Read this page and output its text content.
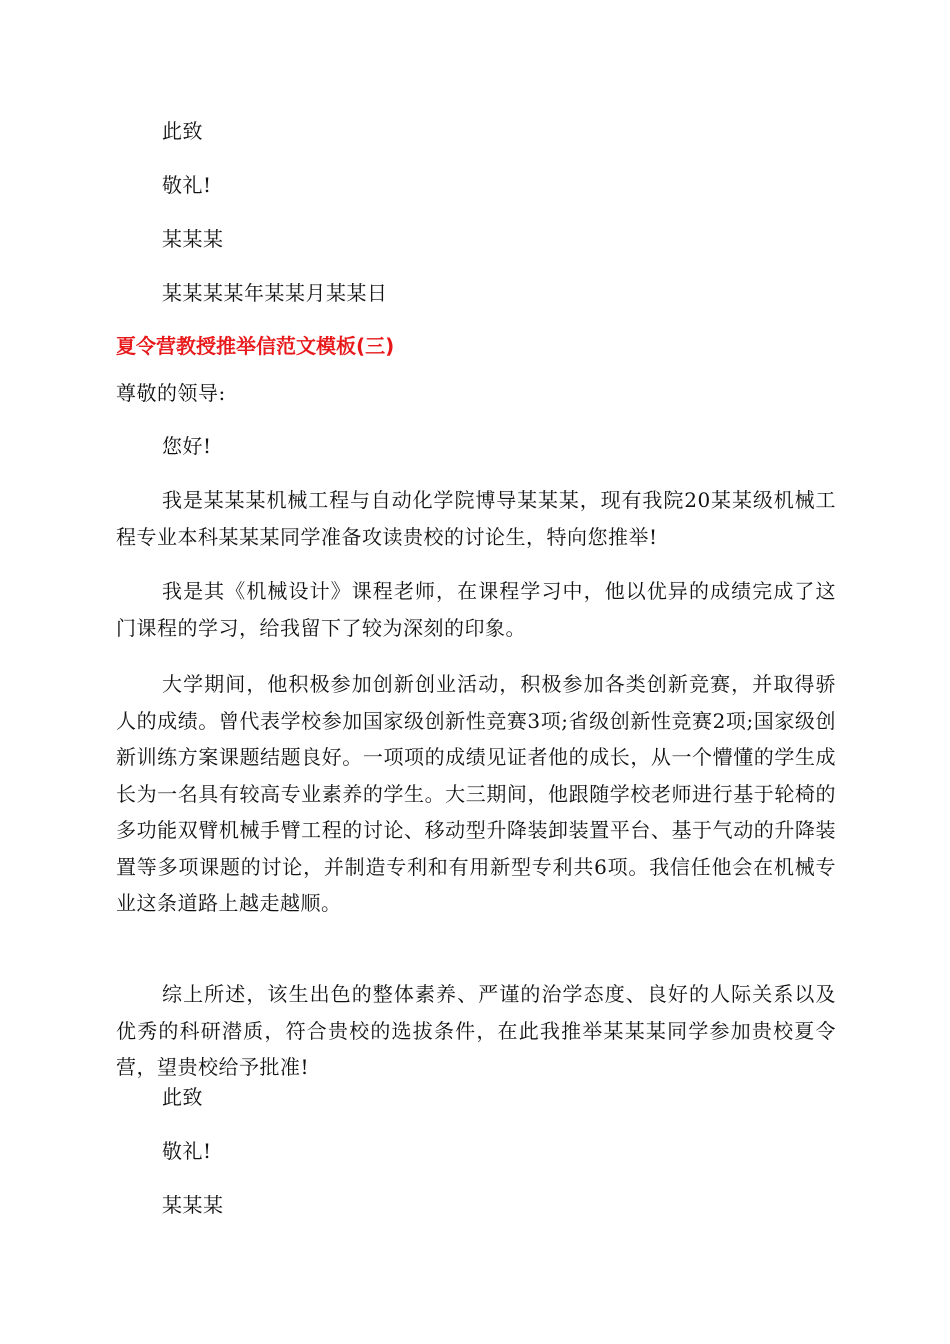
此致
敬礼!
某某某
某某某某年某某月某某日
夏令营教授推举信范文模板(三)
尊敬的领导:
您好!
我是某某某机械工程与自动化学院博导某某某，现有我院20某某级机械工程专业本科某某某同学准备攻读贵校的讨论生，特向您推举!
我是其《机械设计》课程老师，在课程学习中，他以优异的成绩完成了这门课程的学习，给我留下了较为深刻的印象。
大学期间，他积极参加创新创业活动，积极参加各类创新竞赛，并取得骄人的成绩。曾代表学校参加国家级创新性竞赛3项;省级创新性竞赛2项;国家级创新训练方案课题结题良好。一项项的成绩见证者他的成长，从一个懵懂的学生成长为一名具有较高专业素养的学生。大三期间，他跟随学校老师进行基于轮椅的多功能双臂机械手臂工程的讨论、移动型升降装卸装置平台、基于气动的升降装置等多项课题的讨论，并制造专利和有用新型专利共6项。我信任他会在机械专业这条道路上越走越顺。
综上所述，该生出色的整体素养、严谨的治学态度、良好的人际关系以及优秀的科研潜质，符合贵校的选拔条件，在此我推举某某某同学参加贵校夏令营，望贵校给予批准!
此致
敬礼!
某某某
